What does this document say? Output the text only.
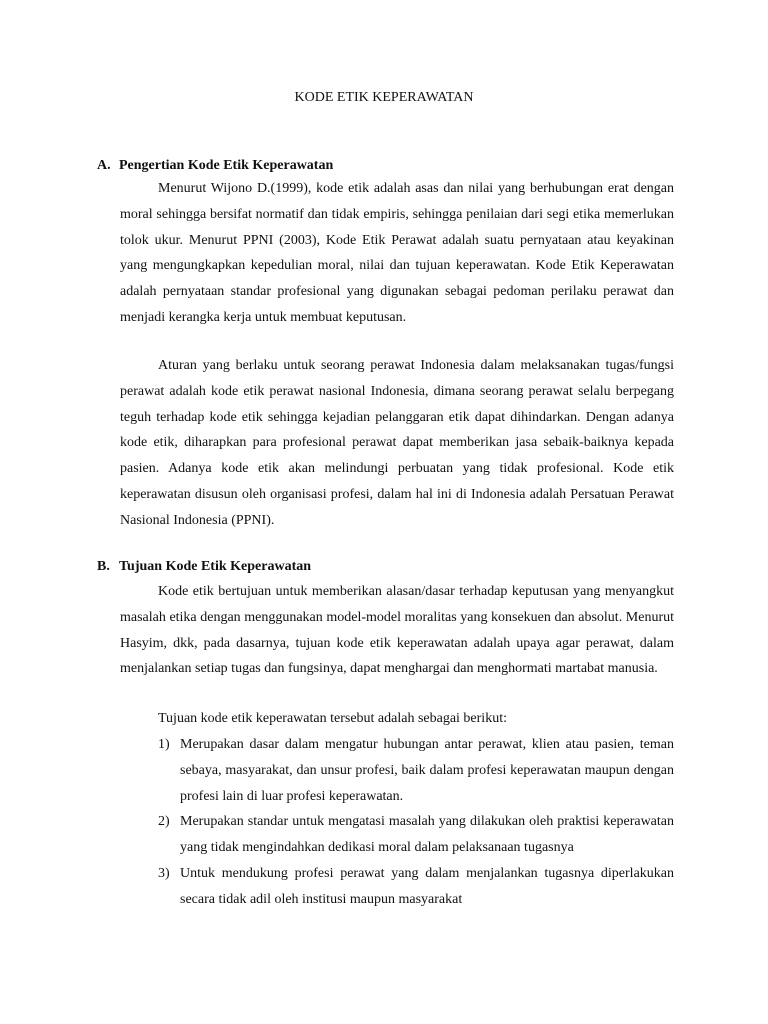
KODE ETIK KEPERAWATAN
A. Pengertian Kode Etik Keperawatan

Menurut Wijono D.(1999), kode etik adalah asas dan nilai yang berhubungan erat dengan moral sehingga bersifat normatif dan tidak empiris, sehingga penilaian dari segi etika memerlukan tolok ukur. Menurut PPNI (2003), Kode Etik Perawat adalah suatu pernyataan atau keyakinan yang mengungkapkan kepedulian moral, nilai dan tujuan keperawatan. Kode Etik Keperawatan adalah pernyataan standar profesional yang digunakan sebagai pedoman perilaku perawat dan menjadi kerangka kerja untuk membuat keputusan.

Aturan yang berlaku untuk seorang perawat Indonesia dalam melaksanakan tugas/fungsi perawat adalah kode etik perawat nasional Indonesia, dimana seorang perawat selalu berpegang teguh terhadap kode etik sehingga kejadian pelanggaran etik dapat dihindarkan. Dengan adanya kode etik, diharapkan para profesional perawat dapat memberikan jasa sebaik-baiknya kepada pasien. Adanya kode etik akan melindungi perbuatan yang tidak profesional. Kode etik keperawatan disusun oleh organisasi profesi, dalam hal ini di Indonesia adalah Persatuan Perawat Nasional Indonesia (PPNI).

B. Tujuan Kode Etik Keperawatan

Kode etik bertujuan untuk memberikan alasan/dasar terhadap keputusan yang menyangkut masalah etika dengan menggunakan model-model moralitas yang konsekuen dan absolut. Menurut Hasyim, dkk, pada dasarnya, tujuan kode etik keperawatan adalah upaya agar perawat, dalam menjalankan setiap tugas dan fungsinya, dapat menghargai dan menghormati martabat manusia.

Tujuan kode etik keperawatan tersebut adalah sebagai berikut:

1) Merupakan dasar dalam mengatur hubungan antar perawat, klien atau pasien, teman sebaya, masyarakat, dan unsur profesi, baik dalam profesi keperawatan maupun dengan profesi lain di luar profesi keperawatan.
2) Merupakan standar untuk mengatasi masalah yang dilakukan oleh praktisi keperawatan yang tidak mengindahkan dedikasi moral dalam pelaksanaan tugasnya
3) Untuk mendukung profesi perawat yang dalam menjalankan tugasnya diperlakukan secara tidak adil oleh institusi maupun masyarakat
